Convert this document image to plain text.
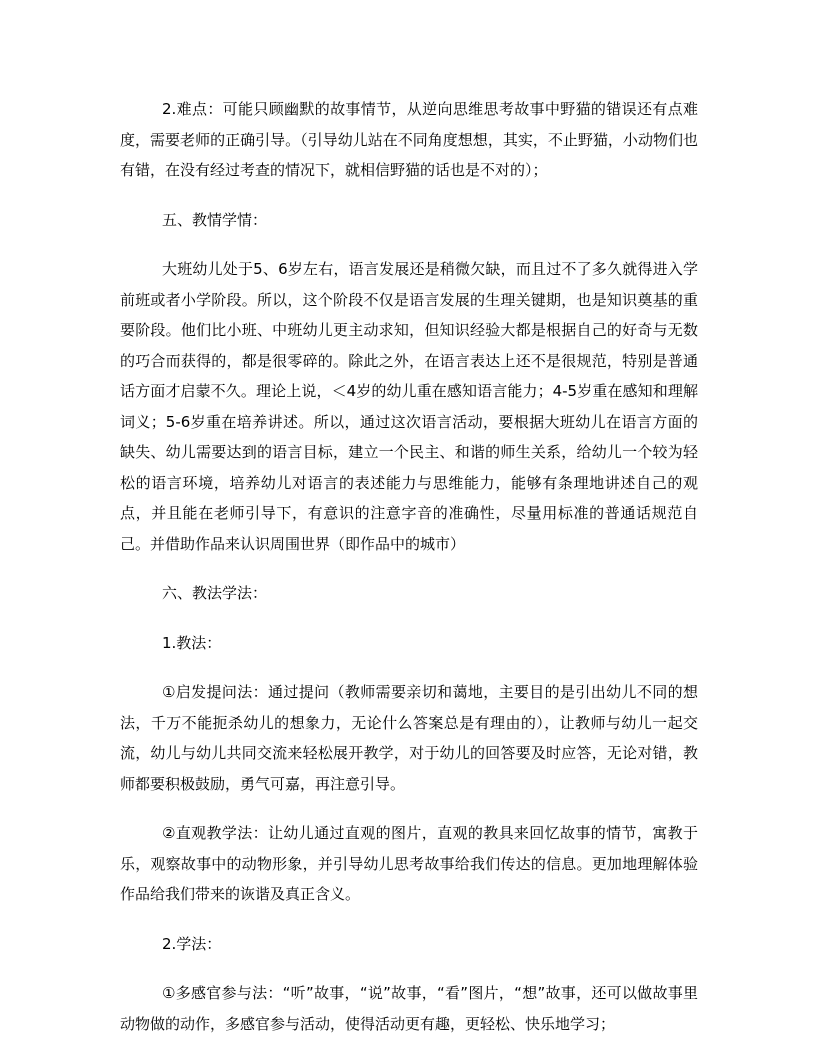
2.难点：可能只顾幽默的故事情节，从逆向思维思考故事中野猫的错误还有点难度，需要老师的正确引导。（引导幼儿站在不同角度想想，其实，不止野猫，小动物们也有错，在没有经过考查的情况下，就相信野猫的话也是不对的）；

五、教情学情：

大班幼儿处于5、6岁左右，语言发展还是稍微欠缺，而且过不了多久就得进入学前班或者小学阶段。所以，这个阶段不仅是语言发展的生理关键期，也是知识奠基的重要阶段。他们比小班、中班幼儿更主动求知，但知识经验大都是根据自己的好奇与无数的巧合而获得的，都是很零碎的。除此之外，在语言表达上还不是很规范，特别是普通话方面才启蒙不久。理论上说，＜4岁的幼儿重在感知语言能力；4-5岁重在感知和理解词义；5-6岁重在培养讲述。所以，通过这次语言活动，要根据大班幼儿在语言方面的缺失、幼儿需要达到的语言目标，建立一个民主、和谐的师生关系，给幼儿一个较为轻松的语言环境，培养幼儿对语言的表述能力与思维能力，能够有条理地讲述自己的观点，并且能在老师引导下，有意识的注意字音的准确性，尽量用标准的普通话规范自己。并借助作品来认识周围世界（即作品中的城市）

六、教法学法：

1.教法：

①启发提问法：通过提问（教师需要亲切和蔼地，主要目的是引出幼儿不同的想法，千万不能扼杀幼儿的想象力，无论什么答案总是有理由的），让教师与幼儿一起交流，幼儿与幼儿共同交流来轻松展开教学，对于幼儿的回答要及时应答，无论对错，教师都要积极鼓励，勇气可嘉，再注意引导。

②直观教学法：让幼儿通过直观的图片，直观的教具来回忆故事的情节，寓教于乐，观察故事中的动物形象，并引导幼儿思考故事给我们传达的信息。更加地理解体验作品给我们带来的诙谐及真正含义。

2.学法：

①多感官参与法：“听”故事，“说”故事，“看”图片，“想”故事，还可以做故事里动物做的动作，多感官参与活动，使得活动更有趣，更轻松、快乐地学习；
